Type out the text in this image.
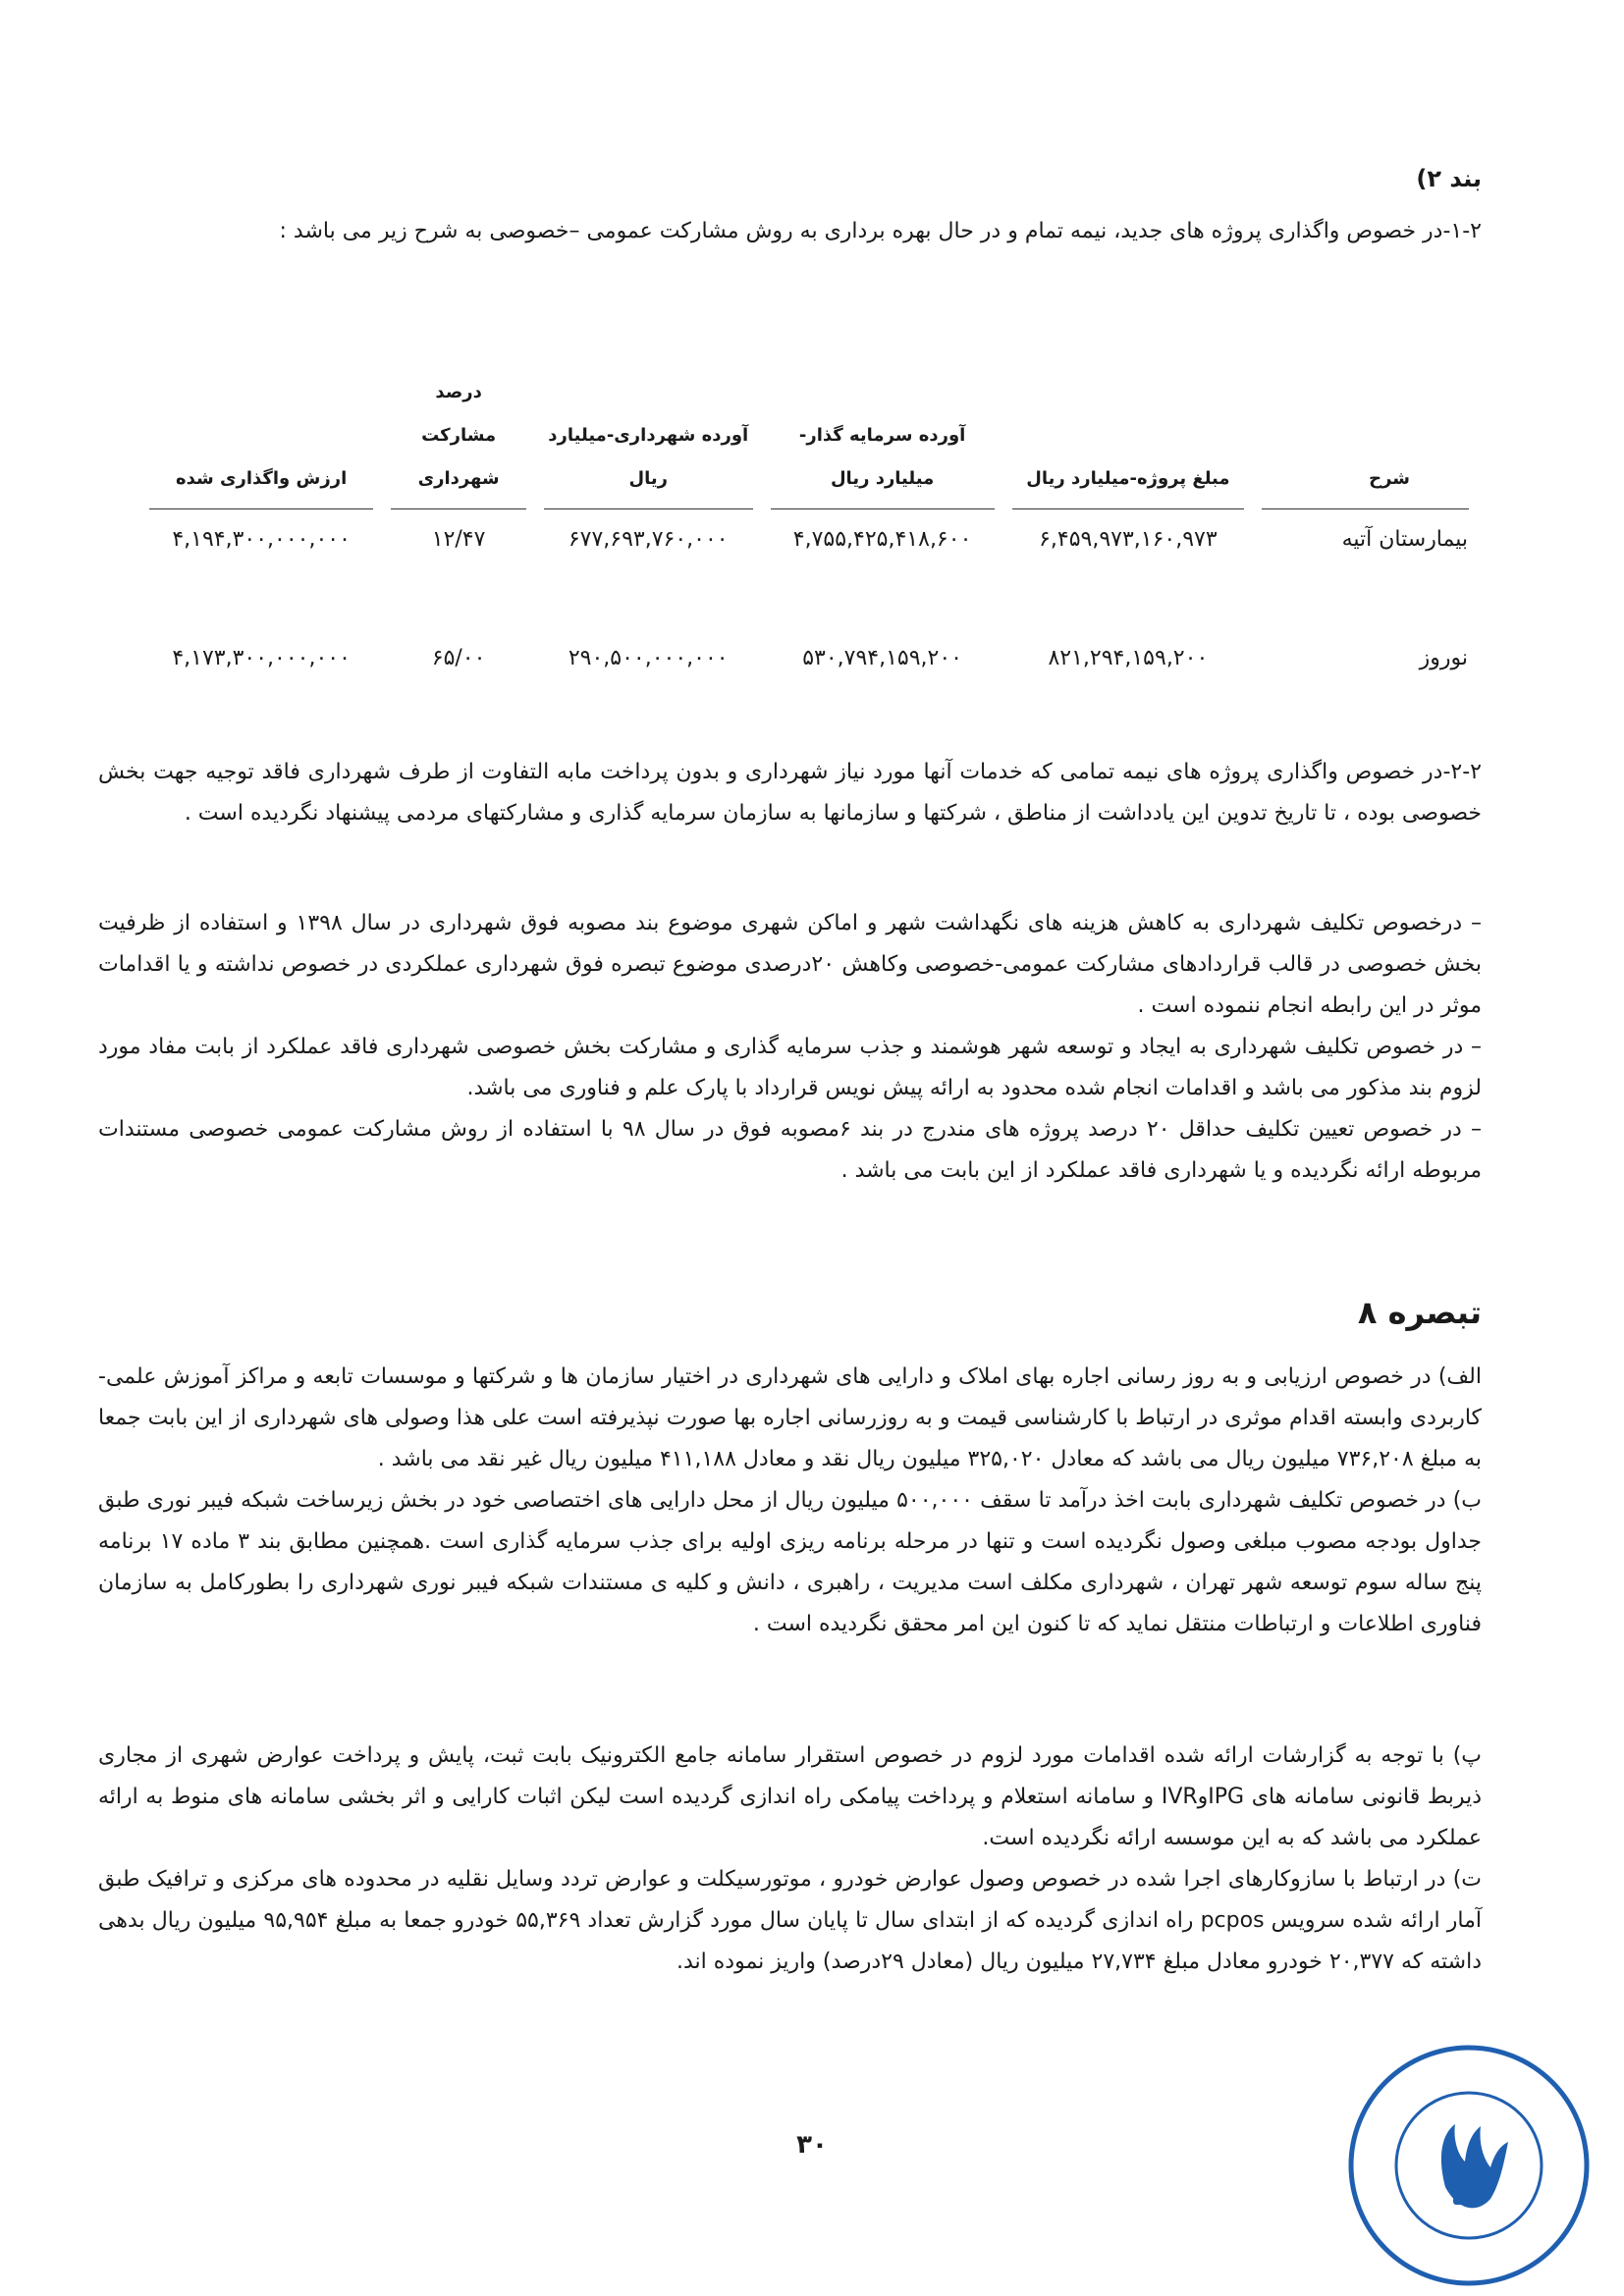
بند ۲)
۱-۲-در خصوص واگذاری پروژه های جدید، نیمه تمام و در حال بهره برداری به روش مشارکت عمومی –خصوصی به شرح زیر می باشد :
شرح	مبلغ پروژه-میلیارد ریال	آورده سرمایه گذار-میلیارد ریال	آورده شهرداری-میلیارد ریال	درصد مشارکت شهرداری	ارزش واگذاری شده
بیمارستان آتیه	۶,۴۵۹,۹۷۳,۱۶۰,۹۷۳	۴,۷۵۵,۴۲۵,۴۱۸,۶۰۰	۶۷۷,۶۹۳,۷۶۰,۰۰۰	۱۲/۴۷	۴,۱۹۴,۳۰۰,۰۰۰,۰۰۰

نوروز	۸۲۱,۲۹۴,۱۵۹,۲۰۰	۵۳۰,۷۹۴,۱۵۹,۲۰۰	۲۹۰,۵۰۰,۰۰۰,۰۰۰	۶۵/۰۰	۴,۱۷۳,۳۰۰,۰۰۰,۰۰۰

۲-۲-در خصوص واگذاری پروژه های نیمه تمامی که خدمات آنها مورد نیاز شهرداری و بدون پرداخت مابه التفاوت از طرف شهرداری فاقد توجیه جهت بخش خصوصی بوده ، تا تاریخ تدوین این یادداشت از مناطق ، شرکتها و سازمانها به سازمان سرمایه گذاری و مشارکتهای مردمی پیشنهاد نگردیده است .

– درخصوص تکلیف شهرداری به کاهش هزینه های نگهداشت شهر و اماکن شهری موضوع بند مصوبه فوق شهرداری در سال ۱۳۹۸ و استفاده از ظرفیت بخش خصوصی در قالب قراردادهای مشارکت عمومی-خصوصی وکاهش ۲۰درصدی موضوع تبصره فوق شهرداری عملکردی در خصوص نداشته و یا اقدامات موثر در این رابطه انجام ننموده است .

– در خصوص تکلیف شهرداری به ایجاد و توسعه شهر هوشمند و جذب سرمایه گذاری و مشارکت بخش خصوصی شهرداری فاقد عملکرد از بابت مفاد مورد لزوم بند مذکور می باشد و اقدامات انجام شده محدود به ارائه پیش نویس قرارداد با پارک علم و فناوری می باشد.

– در خصوص تعیین تکلیف حداقل ۲۰ درصد پروژه های مندرج در بند ۶مصوبه فوق در سال ۹۸ با استفاده از روش مشارکت عمومی خصوصی مستندات مربوطه ارائه نگردیده و یا شهرداری فاقد عملکرد از این بابت می باشد .

تبصره ۸

الف) در خصوص ارزیابی و به روز رسانی اجاره بهای املاک و دارایی های شهرداری در اختیار سازمان ها و شرکتها و موسسات تابعه و مراکز آموزش علمی-کاربردی وابسته اقدام موثری در ارتباط با کارشناسی قیمت و به روزرسانی اجاره بها صورت نپذیرفته است علی هذا وصولی های شهرداری از این بابت جمعا به مبلغ ۷۳۶,۲۰۸ میلیون ریال می باشد که معادل ۳۲۵,۰۲۰ میلیون ریال نقد و معادل ۴۱۱,۱۸۸ میلیون ریال غیر نقد می باشد .

ب) در خصوص تکلیف شهرداری بابت اخذ درآمد تا سقف ۵۰۰,۰۰۰ میلیون ریال از محل دارایی های اختصاصی خود در بخش زیرساخت شبکه فیبر نوری طبق جداول بودجه مصوب مبلغی وصول نگردیده است و تنها در مرحله برنامه ریزی اولیه برای جذب سرمایه گذاری است .همچنین مطابق بند ۳ ماده ۱۷ برنامه پنج ساله سوم توسعه شهر تهران ، شهرداری مکلف است مدیریت ، راهبری ، دانش و کلیه ی مستندات شبکه فیبر نوری شهرداری را بطورکامل به سازمان فناوری اطلاعات و ارتباطات منتقل نماید که تا کنون این امر محقق نگردیده است .

پ) با توجه به گزارشات ارائه شده اقدامات مورد لزوم در خصوص استقرار سامانه جامع الکترونیک بابت ثبت، پایش و پرداخت عوارض شهری از مجاری ذیربط قانونی سامانه های IPGوIVR و سامانه استعلام و پرداخت پیامکی راه اندازی گردیده است لیکن اثبات کارایی و اثر بخشی سامانه های منوط به ارائه عملکرد می باشد که به این موسسه ارائه نگردیده است.

ت) در ارتباط با سازوکارهای اجرا شده در خصوص وصول عوارض خودرو ، موتورسیکلت و عوارض تردد وسایل نقلیه در محدوده های مرکزی و ترافیک طبق آمار ارائه شده سرویس pcpos راه اندازی گردیده که از ابتدای سال تا پایان سال مورد گزارش تعداد ۵۵,۳۶۹ خودرو جمعا به مبلغ ۹۵,۹۵۴ میلیون ریال بدهی داشته که ۲۰,۳۷۷ خودرو معادل مبلغ ۲۷,۷۳۴ میلیون ریال (معادل ۲۹درصد) واریز نموده اند.

۳۰
